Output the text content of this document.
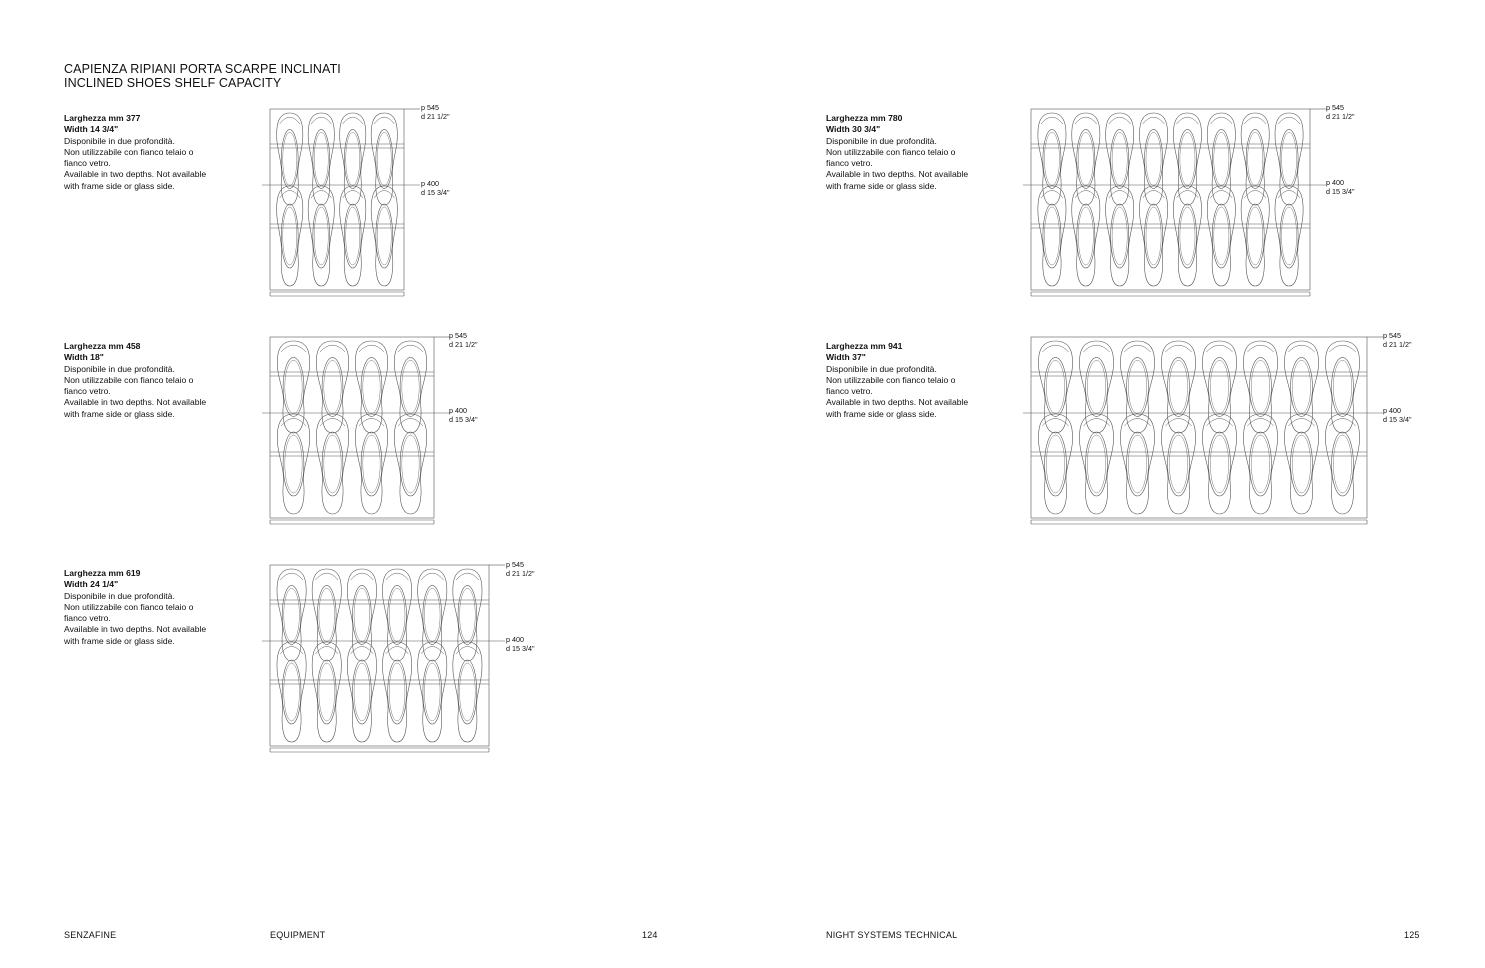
CAPIENZA RIPIANI PORTA SCARPE INCLINATI
INCLINED SHOES SHELF CAPACITY
Larghezza mm 377
Width 14 3/4"
Disponibile in due profondità.
Non utilizzabile con fianco telaio o
fianco vetro.
Available in two depths. Not available
with frame side or glass side.
p 545
d 21 1/2"
p 400
d 15 3/4"
Larghezza mm 458
Width 18"
Disponibile in due profondità.
Non utilizzabile con fianco telaio o
fianco vetro.
Available in two depths. Not available
with frame side or glass side.
p 545
d 21 1/2"
p 400
d 15 3/4"
Larghezza mm 619
Width 24 1/4"
Disponibile in due profondità.
Non utilizzabile con fianco telaio o
fianco vetro.
Available in two depths. Not available
with frame side or glass side.
p 545
d 21 1/2"
p 400
d 15 3/4"
Larghezza mm 780
Width 30 3/4"
Disponibile in due profondità.
Non utilizzabile con fianco telaio o
fianco vetro.
Available in two depths. Not available
with frame side or glass side.
p 545
d 21 1/2"
p 400
d 15 3/4"
Larghezza mm 941
Width 37"
Disponibile in due profondità.
Non utilizzabile con fianco telaio o
fianco vetro.
Available in two depths. Not available
with frame side or glass side.
p 545
d 21 1/2"
p 400
d 15 3/4"
SENZAFINE	EQUIPMENT	124	NIGHT SYSTEMS TECHNICAL	125
